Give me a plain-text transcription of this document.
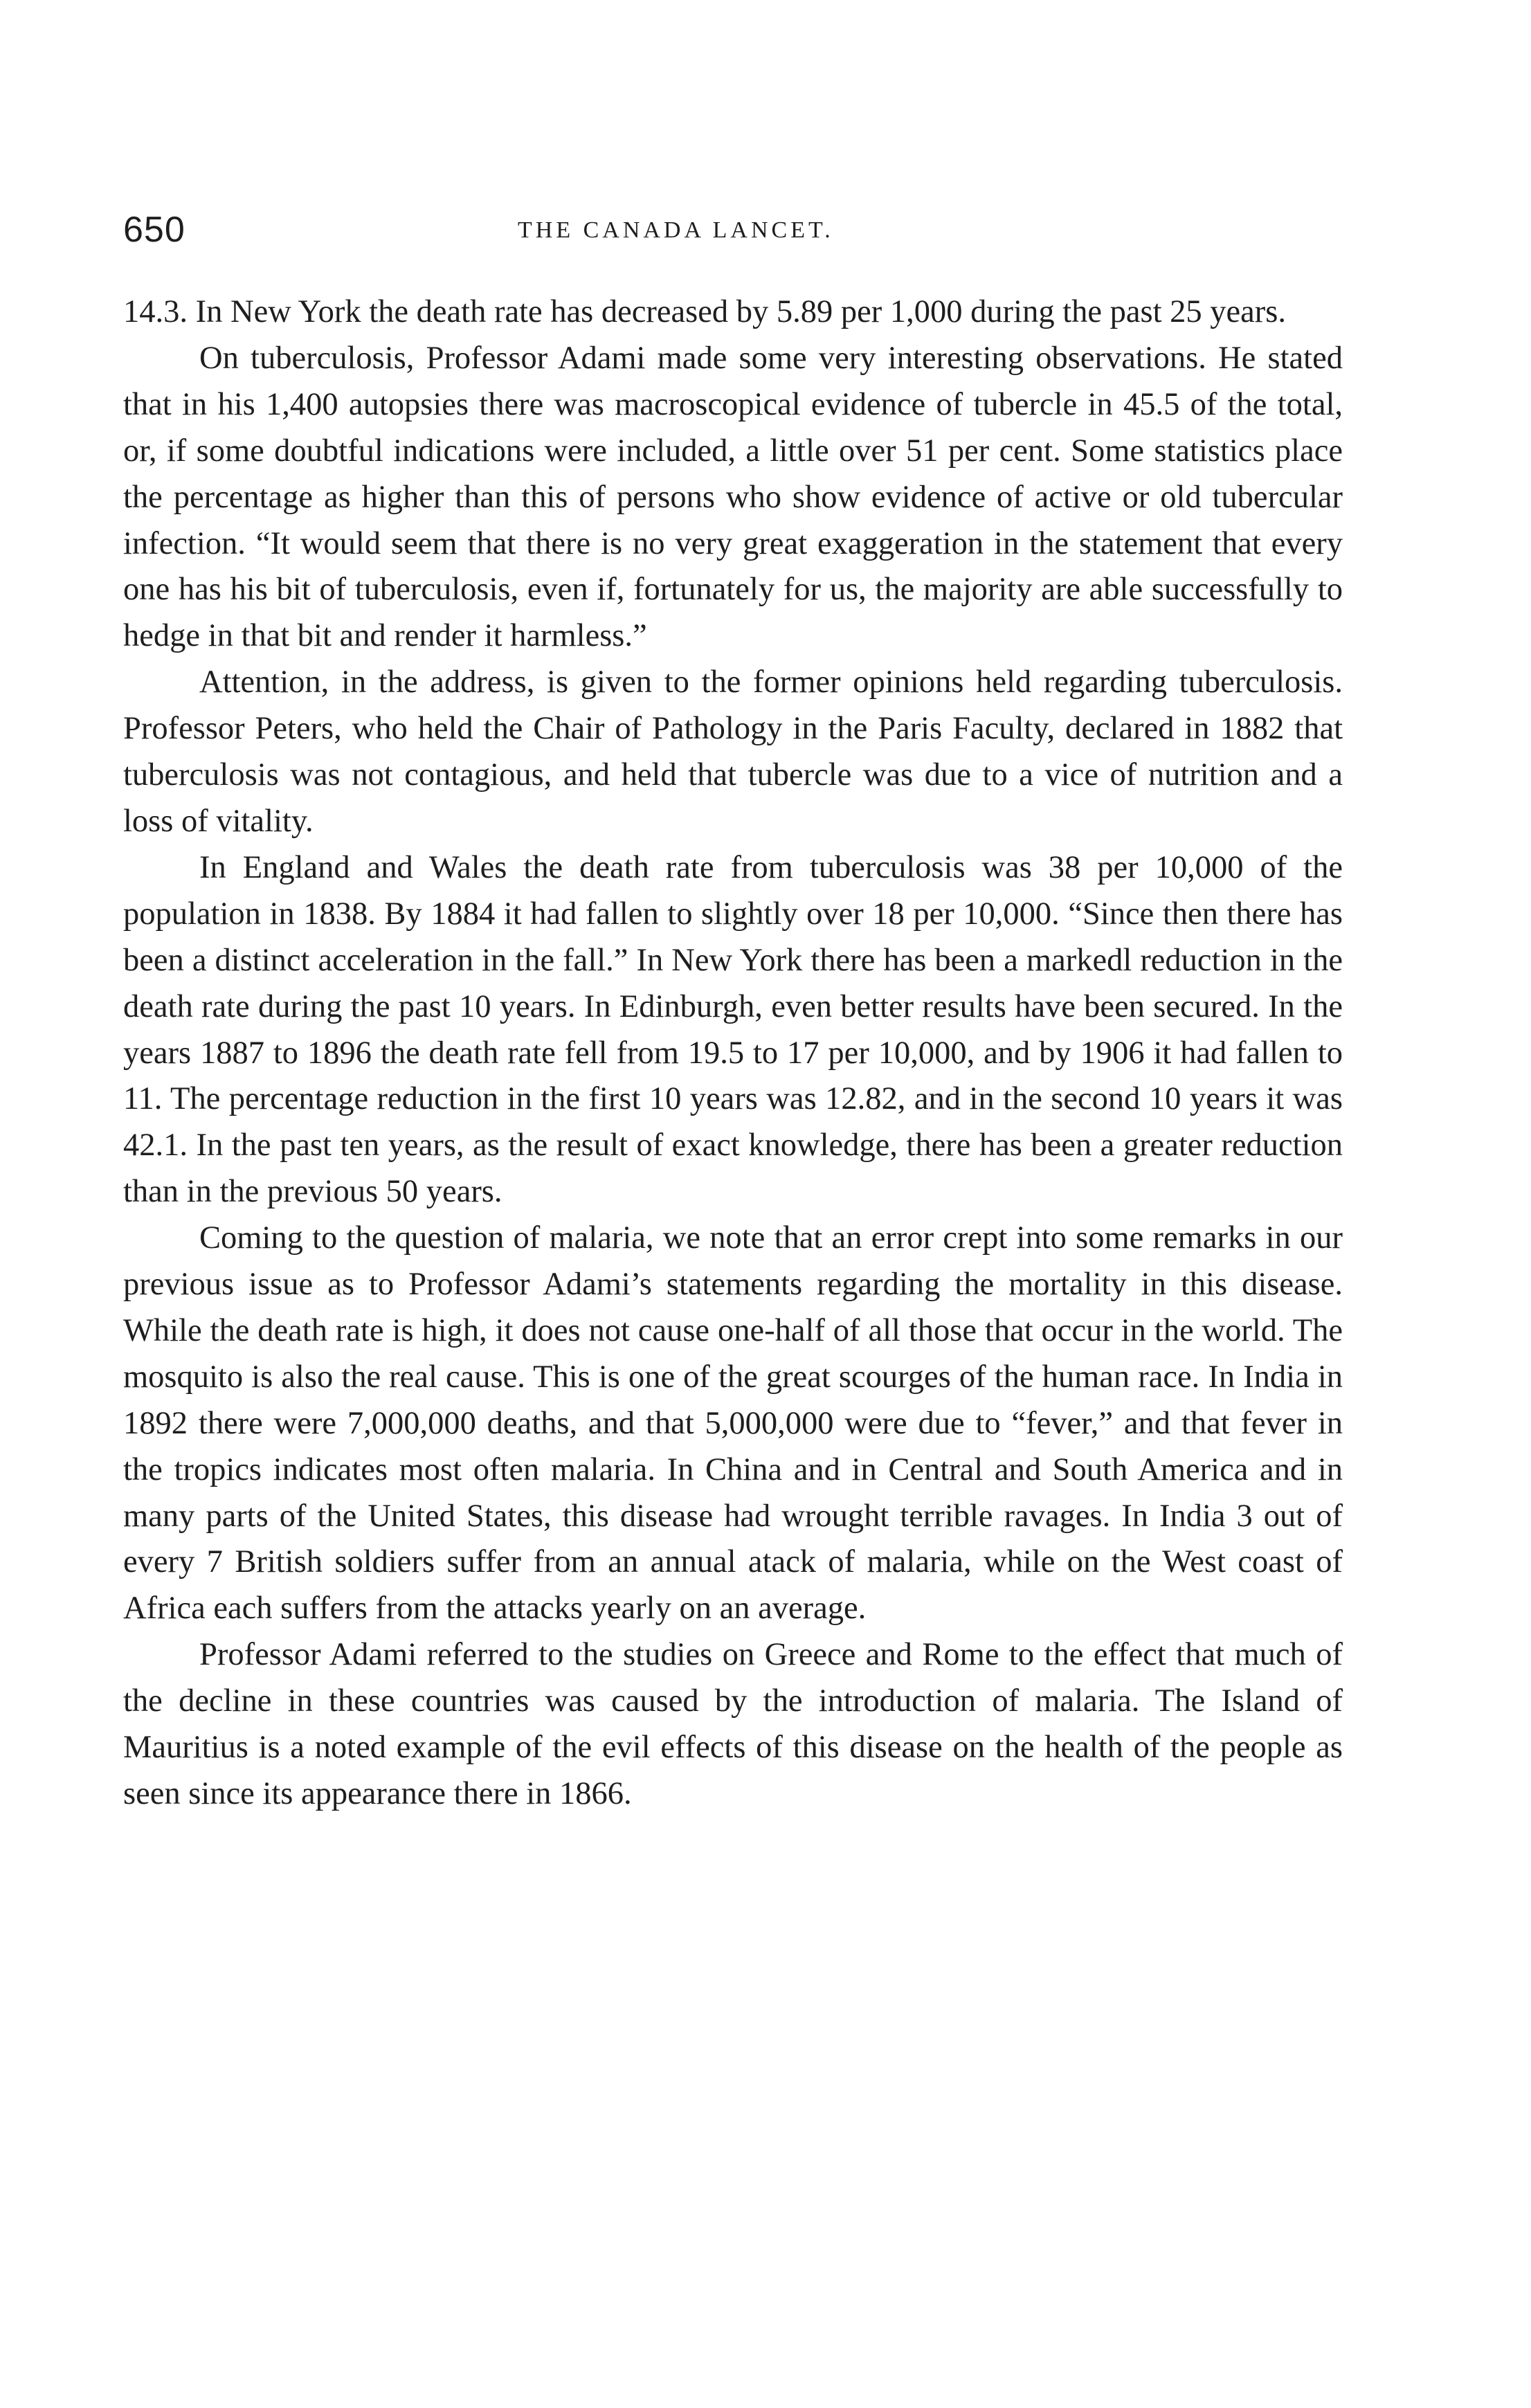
650	THE CANADA LANCET.

14.3. In New York the death rate has decreased by 5.89 per 1,000 during the past 25 years.

On tuberculosis, Professor Adami made some very interesting observations. He stated that in his 1,400 autopsies there was macroscopical evidence of tubercle in 45.5 of the total, or, if some doubtful indications were included, a little over 51 per cent. Some statistics place the percentage as higher than this of persons who show evidence of active or old tubercular infection. “It would seem that there is no very great exaggeration in the statement that every one has his bit of tuberculosis, even if, fortunately for us, the majority are able successfully to hedge in that bit and render it harmless.”

Attention, in the address, is given to the former opinions held regarding tuberculosis. Professor Peters, who held the Chair of Pathology in the Paris Faculty, declared in 1882 that tuberculosis was not contagious, and held that tubercle was due to a vice of nutrition and a loss of vitality.

In England and Wales the death rate from tuberculosis was 38 per 10,000 of the population in 1838. By 1884 it had fallen to slightly over 18 per 10,000. “Since then there has been a distinct acceleration in the fall.” In New York there has been a markedl reduction in the death rate during the past 10 years. In Edinburgh, even better results have been secured. In the years 1887 to 1896 the death rate fell from 19.5 to 17 per 10,000, and by 1906 it had fallen to 11. The percentage reduction in the first 10 years was 12.82, and in the second 10 years it was 42.1. In the past ten years, as the result of exact knowledge, there has been a greater reduction than in the previous 50 years.

Coming to the question of malaria, we note that an error crept into some remarks in our previous issue as to Professor Adami’s statements regarding the mortality in this disease. While the death rate is high, it does not cause one-half of all those that occur in the world. The mosquito is also the real cause. This is one of the great scourges of the human race. In India in 1892 there were 7,000,000 deaths, and that 5,000,000 were due to “fever,” and that fever in the tropics indicates most often malaria. In China and in Central and South America and in many parts of the United States, this disease had wrought terrible ravages. In India 3 out of every 7 British soldiers suffer from an annual atack of malaria, while on the West coast of Africa each suffers from the attacks yearly on an average.

Professor Adami referred to the studies on Greece and Rome to the effect that much of the decline in these countries was caused by the introduction of malaria. The Island of Mauritius is a noted example of the evil effects of this disease on the health of the people as seen since its appearance there in 1866.
